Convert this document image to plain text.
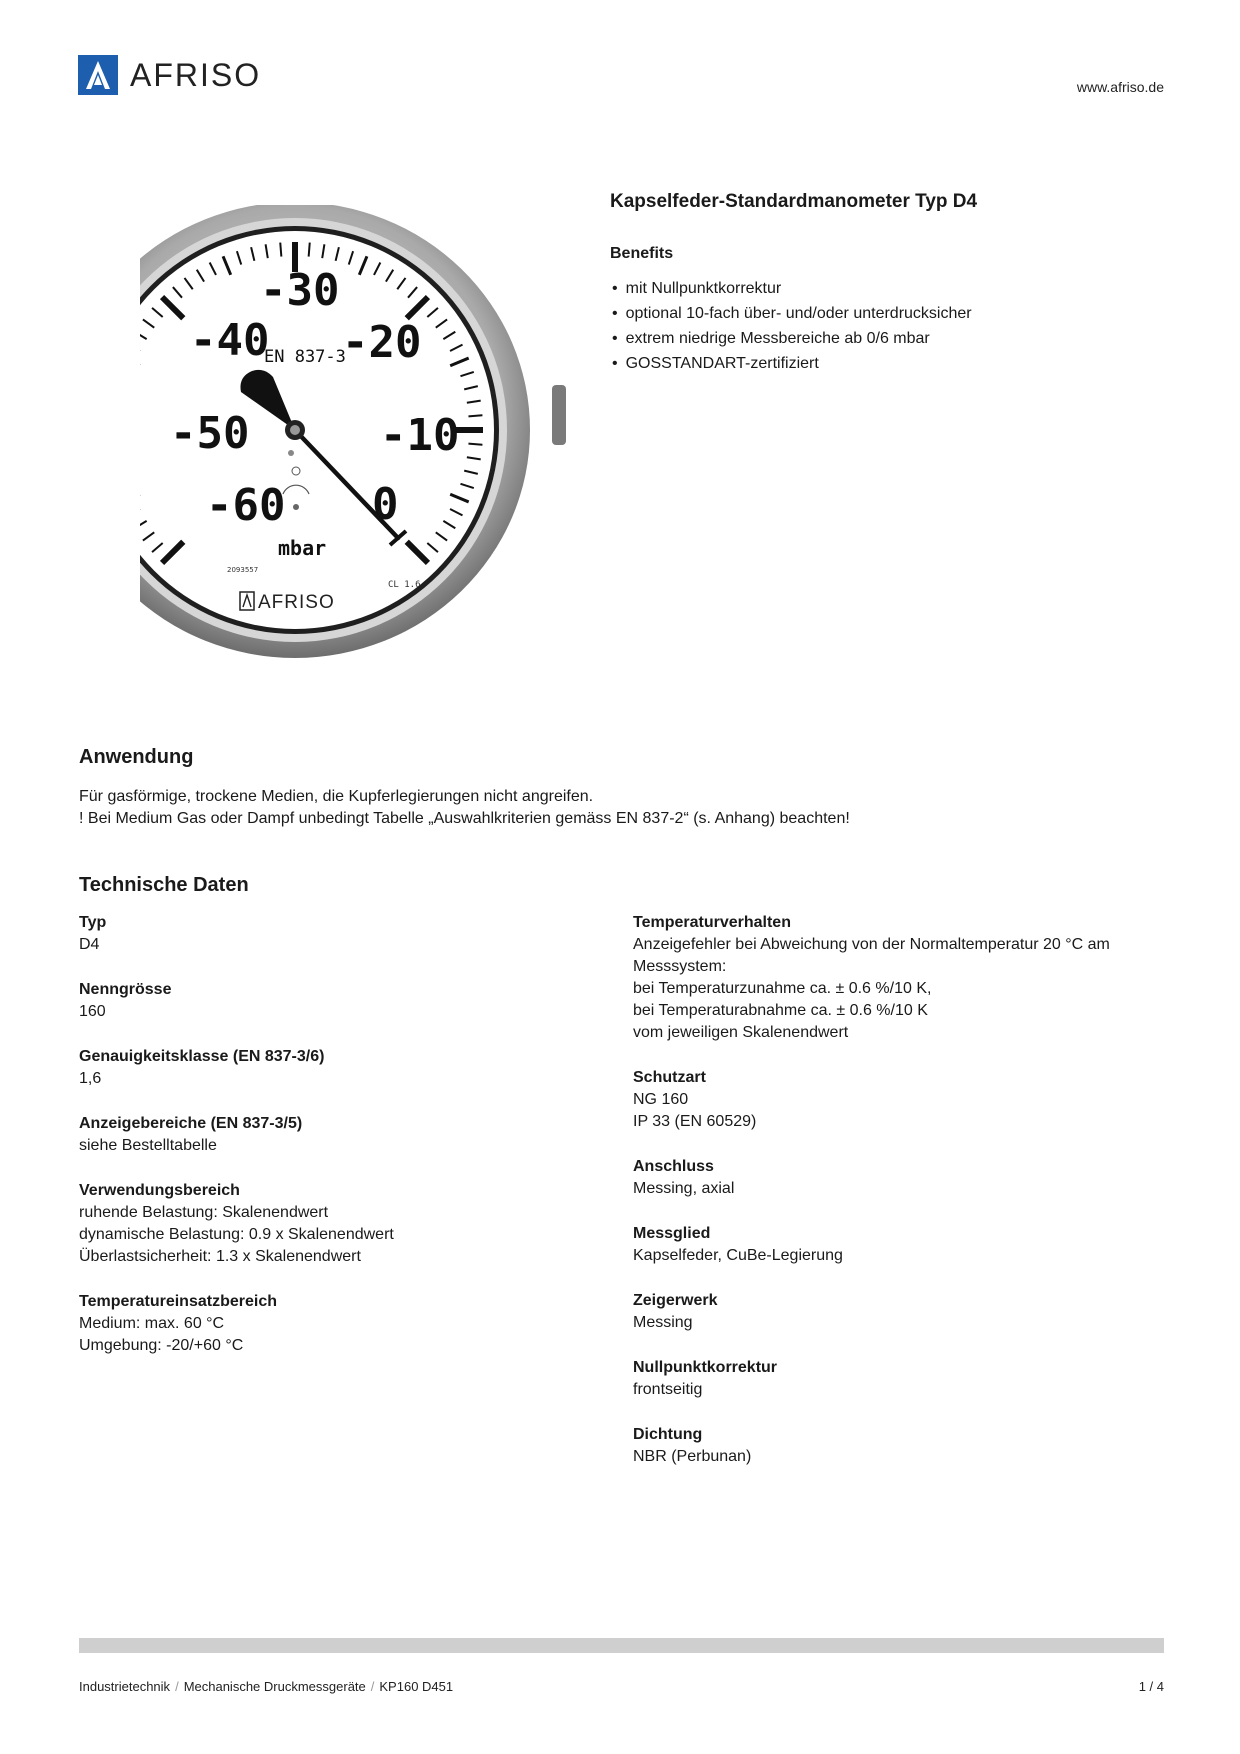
AFRISO	www.afriso.de
-60
-50
-40
-30
-20
-10
0
EN 837-3
mbar
2093557
CL 1.6
AFRISO
Kapselfeder-Standardmanometer Typ D4
Benefits
• mit Nullpunktkorrektur
• optional 10-fach über- und/oder unterdrucksicher
• extrem niedrige Messbereiche ab 0/6 mbar
• GOSSTANDART-zertifiziert
Anwendung
Für gasförmige, trockene Medien, die Kupferlegierungen nicht angreifen.
! Bei Medium Gas oder Dampf unbedingt Tabelle „Auswahlkriterien gemäss EN 837-2“ (s. Anhang) beachten!
Technische Daten
Typ
D4
Nenngrösse
160
Genauigkeitsklasse (EN 837-3/6)
1,6
Anzeigebereiche (EN 837-3/5)
siehe Bestelltabelle
Verwendungsbereich
ruhende Belastung: Skalenendwert
dynamische Belastung: 0.9 x Skalenendwert
Überlastsicherheit: 1.3 x Skalenendwert
Temperatureinsatzbereich
Medium: max. 60 °C
Umgebung: -20/+60 °C
Temperaturverhalten
Anzeigefehler bei Abweichung von der Normaltemperatur 20 °C am
Messsystem:
bei Temperaturzunahme ca. ± 0.6 %/10 K,
bei Temperaturabnahme ca. ± 0.6 %/10 K
vom jeweiligen Skalenendwert
Schutzart
NG 160
IP 33 (EN 60529)
Anschluss
Messing, axial
Messglied
Kapselfeder, CuBe-Legierung
Zeigerwerk
Messing
Nullpunktkorrektur
frontseitig
Dichtung
NBR (Perbunan)
Industrietechnik / Mechanische Druckmessgeräte / KP160 D451	1 / 4
